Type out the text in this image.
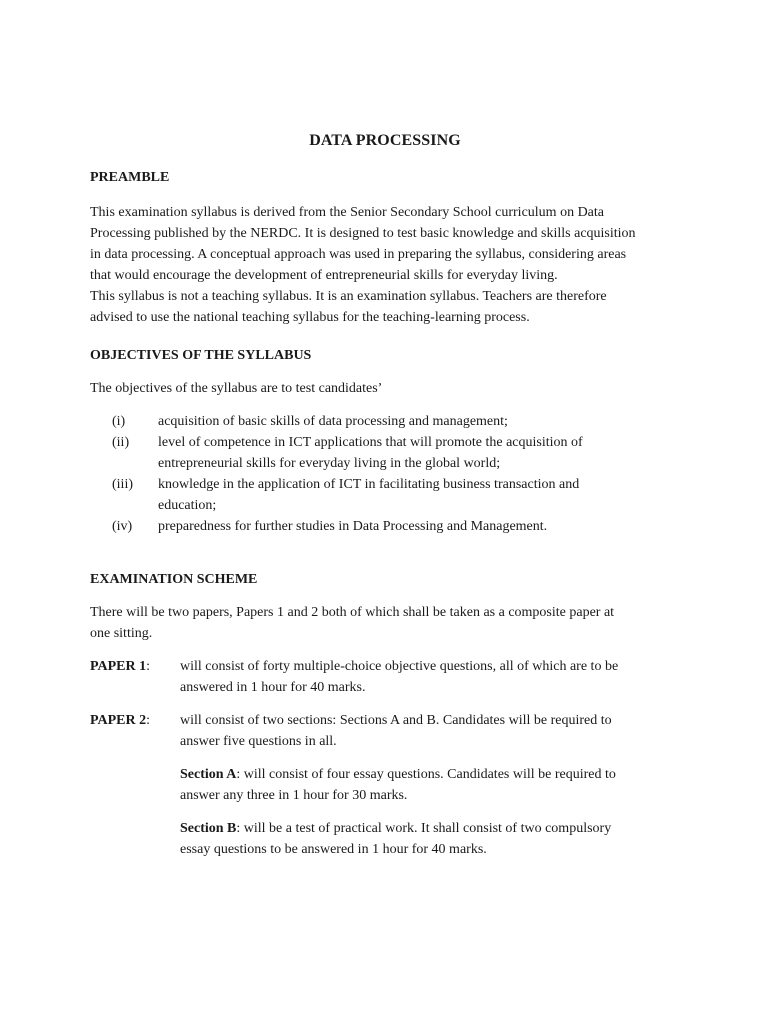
DATA PROCESSING
PREAMBLE
This examination syllabus is derived from the Senior Secondary School curriculum on Data
Processing published by the NERDC. It is designed to test basic knowledge and skills acquisition
in data processing. A conceptual approach was used in preparing the syllabus, considering areas
that would encourage the development of entrepreneurial skills for everyday living.
This syllabus is not a teaching syllabus. It is an examination syllabus. Teachers are therefore
advised to use the national teaching syllabus for the teaching-learning process.
OBJECTIVES OF THE SYLLABUS
The objectives of the syllabus are to test candidates’
(i)	acquisition of basic skills of data processing and management;
(ii)	level of competence in ICT applications that will promote the acquisition of
entrepreneurial skills for everyday living in the global world;
(iii)	knowledge in the application of ICT in facilitating business transaction and
education;
(iv)	preparedness for further studies in Data Processing and Management.
EXAMINATION SCHEME
There will be two papers, Papers 1 and 2 both of which shall be taken as a composite paper at
one sitting.
PAPER 1: will consist of forty multiple-choice objective questions, all of which are to be
answered in 1 hour for 40 marks.
PAPER 2: will consist of two sections: Sections A and B. Candidates will be required to
answer five questions in all.
Section A: will consist of four essay questions. Candidates will be required to
answer any three in 1 hour for 30 marks.
Section B: will be a test of practical work. It shall consist of two compulsory
essay questions to be answered in 1 hour for 40 marks.
